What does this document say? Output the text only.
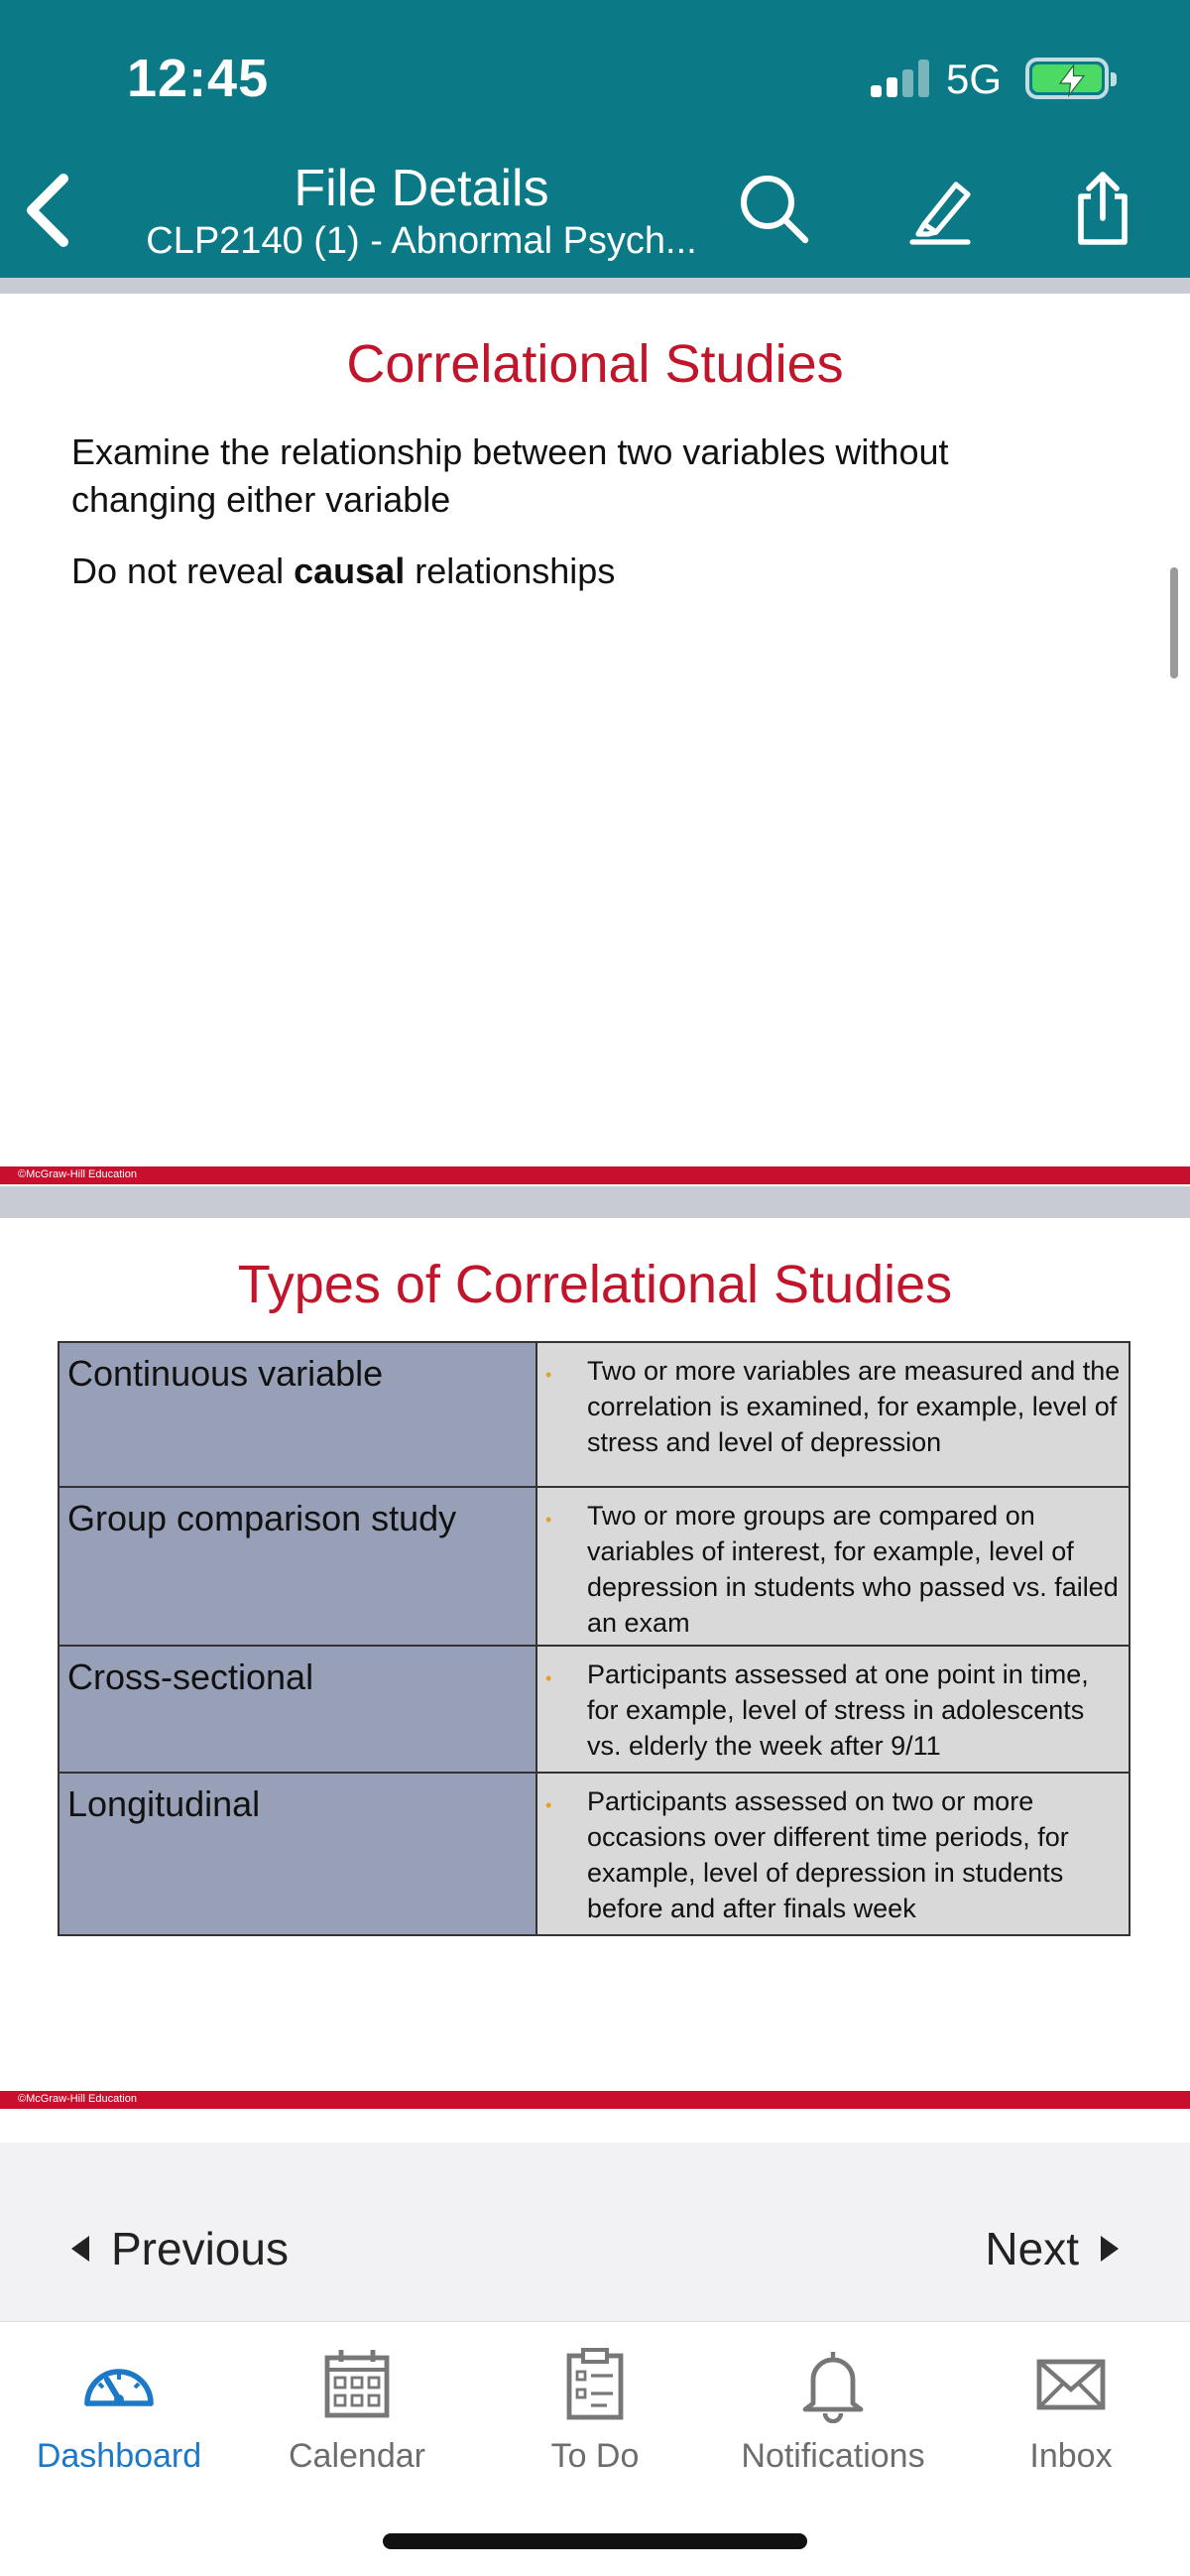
12:45	5G
File Details
CLP2140 (1) - Abnormal Psych...
Correlational Studies
Examine the relationship between two variables without changing either variable
Do not reveal causal relationships
©McGraw-Hill Education
Types of Correlational Studies
Continuous variable	• Two or more variables are measured and the correlation is examined, for example, level of stress and level of depression
Group comparison study	• Two or more groups are compared on variables of interest, for example, level of depression in students who passed vs. failed an exam
Cross-sectional	• Participants assessed at one point in time, for example, level of stress in adolescents vs. elderly the week after 9/11
Longitudinal	• Participants assessed on two or more occasions over different time periods, for example, level of depression in students before and after finals week
©McGraw-Hill Education
Previous	Next
Dashboard	Calendar	To Do	Notifications	Inbox
